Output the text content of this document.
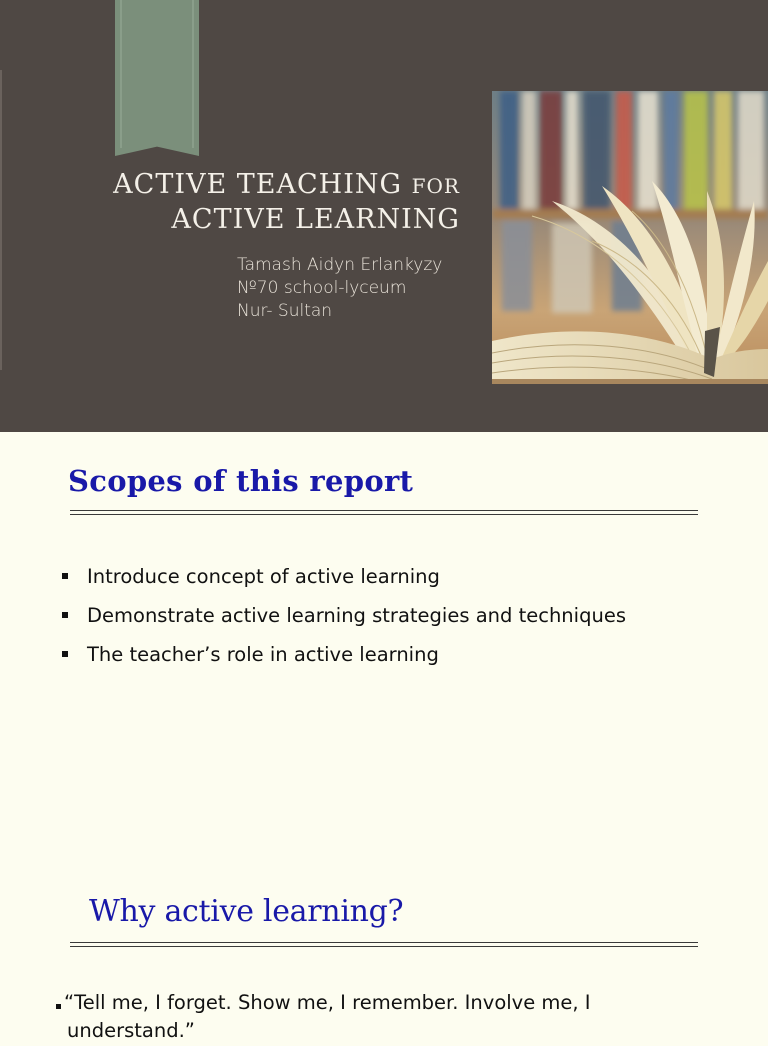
ACTIVE TEACHING FOR
ACTIVE LEARNING
Tamash Aidyn Erlankyzy
№70 school-lyceum
Nur- Sultan
Scopes of this report
Introduce concept of active learning
Demonstrate active learning strategies and techniques
The teacher’s role in active learning
Why active learning?
“Tell me, I forget. Show me, I remember. Involve me, I
understand.”
